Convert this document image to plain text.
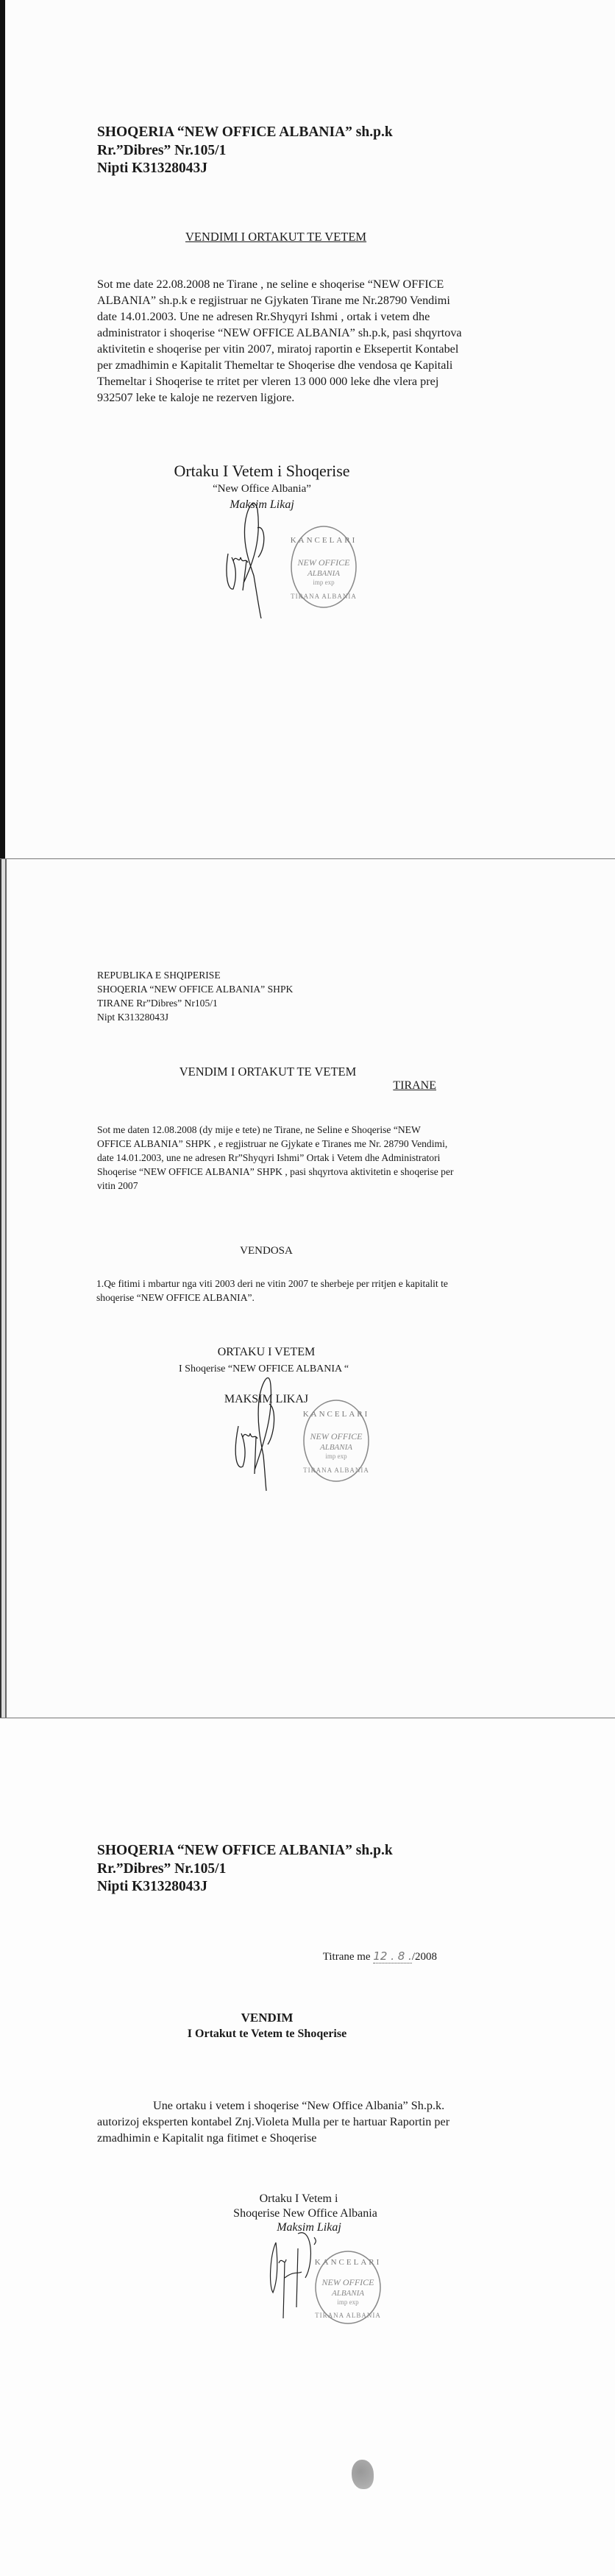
SHOQERIA “NEW OFFICE ALBANIA” sh.p.k
Rr.”Dibres” Nr.105/1
Nipti K31328043J
VENDIMI I ORTAKUT TE VETEM
Sot me date 22.08.2008 ne Tirane , ne seline e shoqerise “NEW OFFICE
ALBANIA” sh.p.k e regjistruar ne Gjykaten Tirane me Nr.28790 Vendimi
date 14.01.2003. Une ne adresen Rr.Shyqyri Ishmi , ortak i vetem dhe
administrator i shoqerise “NEW OFFICE ALBANIA” sh.p.k, pasi shqyrtova
aktivitetin e shoqerise per vitin 2007, miratoj raportin e Eksepertit Kontabel
per zmadhimin e Kapitalit Themeltar te Shoqerise dhe vendosa qe Kapitali
Themeltar i Shoqerise te rritet per vleren 13 000 000 leke dhe vlera prej
932507 leke te kaloje ne rezerven ligjore.
Ortaku I Vetem i Shoqerise
“New Office Albania”
Maksim Likaj
KANCELARI
NEW OFFICE
ALBANIA
imp exp
TIRANA ALBANIA
REPUBLIKA E SHQIPERISE
SHOQERIA “NEW OFFICE ALBANIA” SHPK
TIRANE Rr”Dibres” Nr105/1
Nipt K31328043J
VENDIM I ORTAKUT TE VETEM
TIRANE
Sot me daten 12.08.2008 (dy mije e tete) ne Tirane, ne Seline e Shoqerise “NEW
OFFICE ALBANIA” SHPK , e regjistruar ne Gjykate e Tiranes me Nr. 28790 Vendimi,
date 14.01.2003, une ne adresen Rr”Shyqyri Ishmi” Ortak i Vetem dhe Administratori
Shoqerise “NEW OFFICE ALBANIA” SHPK , pasi shqyrtova aktivitetin e shoqerise per
vitin 2007
VENDOSA
1.Qe fitimi i mbartur nga viti 2003 deri ne vitin 2007 te sherbeje per rritjen e kapitalit te
shoqerise “NEW OFFICE ALBANIA”.
ORTAKU I VETEM
I Shoqerise “NEW OFFICE ALBANIA “
MAKSIM LIKAJ
KANCELARI
NEW OFFICE
ALBANIA
imp exp
TIRANA ALBANIA
SHOQERIA “NEW OFFICE ALBANIA” sh.p.k
Rr.”Dibres” Nr.105/1
Nipti K31328043J
Titrane me 12 . 8 ./2008
VENDIM
I Ortakut te Vetem te Shoqerise
Une ortaku i vetem i shoqerise “New Office Albania” Sh.p.k.
autorizoj eksperten kontabel Znj.Violeta Mulla per te hartuar Raportin per
zmadhimin e Kapitalit nga fitimet e Shoqerise
Ortaku I Vetem i
Shoqerise New Office Albania
Maksim Likaj
KANCELARI
NEW OFFICE
ALBANIA
imp exp
TIRANA ALBANIA
